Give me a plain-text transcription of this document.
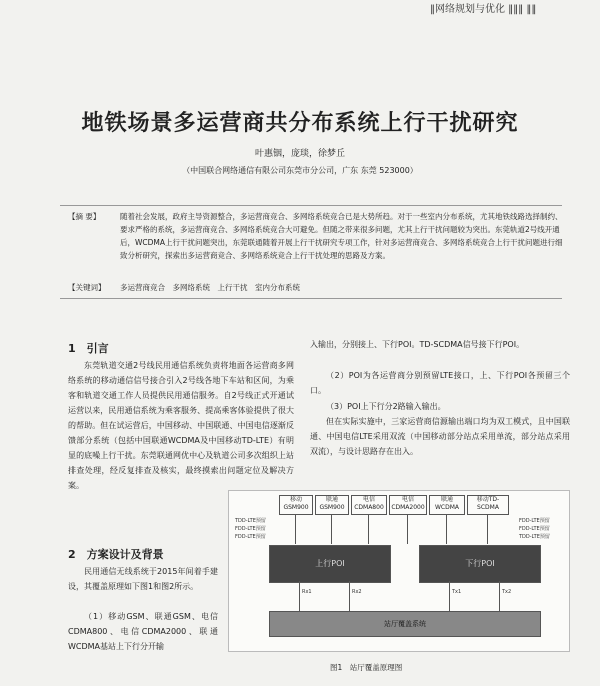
‖网络规划与优化 ‖‖‖ ‖‖
地铁场景多运营商共分布系统上行干扰研究
叶惠铟，庞琰，徐梦丘
（中国联合网络通信有限公司东莞市分公司，广东 东莞 523000）
【摘 要】	随着社会发展，政府主导资源整合，多运营商竞合、多网络系统竞合已是大势所趋。对于一些室内分布系统，尤其地铁线路选择制约、要求严格的系统，多运营商竞合、多网络系统竞合大可避免。但随之带来很多问题，尤其上行干扰问题较为突出。东莞轨道2号线开通后，WCDMA上行干扰问题突出，东莞联通随着开展上行干扰研究专项工作，针对多运营商竞合、多网络系统竞合上行干扰问题进行细致分析研究，探索出多运营商竞合、多网络系统竞合上行干扰处理的思路及方案。
【关键词】 多运营商竞合　多网络系统　上行干扰　室内分布系统
1　引言
东莞轨道交通2号线民用通信系统负责将地面各运营商多网络系统的移动通信信号接合引入2号线各地下车站和区间，为乘客和轨道交通工作人员提供民用通信服务。自2号线正式开通试运营以来，民用通信系统为乘客服务、提高乘客体验提供了很大的帮助。但在试运营后，中国移动、中国联通、中国电信逐渐反馈部分系统（包括中国联通WCDMA及中国移动TD-LTE）有明显的底噪上行干扰。东莞联通网优中心及轨道公司多次组织上站排查处理，经反复排查及核实，最终摸索出问题定位及解决方案。
2　方案设计及背景
民用通信无线系统于2015年间着手建设，其覆盖原理如下图1和图2所示。
（1）移动GSM、联通GSM、电信CDMA800、电信CDMA2000、联通WCDMA基站上下行分开输
入输出，分别接上、下行POI。TD-SCDMA信号接下行POI。
（2）POI为各运营商分别预留LTE接口，上、下行POI各预留三个口。
（3）POI上下行分2路输入输出。
但在实际实施中，三家运营商信源输出端口均为双工模式，且中国联通、中国电信LTE采用双流（中国移动部分站点采用单流，部分站点采用双流），与设计思路存在出入。
移动GSM900
联通GSM900
电信CDMA800
电信CDMA2000
联通WCDMA
移动TD-SCDMA
TDD-LTE预留
FDD-LTE预留
FDD-LTE预留
FDD-LTE预留
FDD-LTE预留
TDD-LTE预留
上行POI	下行POI
Rx1	Rx2	Tx1	Tx2
站厅覆盖系统
图1　站厅覆盖原理图
